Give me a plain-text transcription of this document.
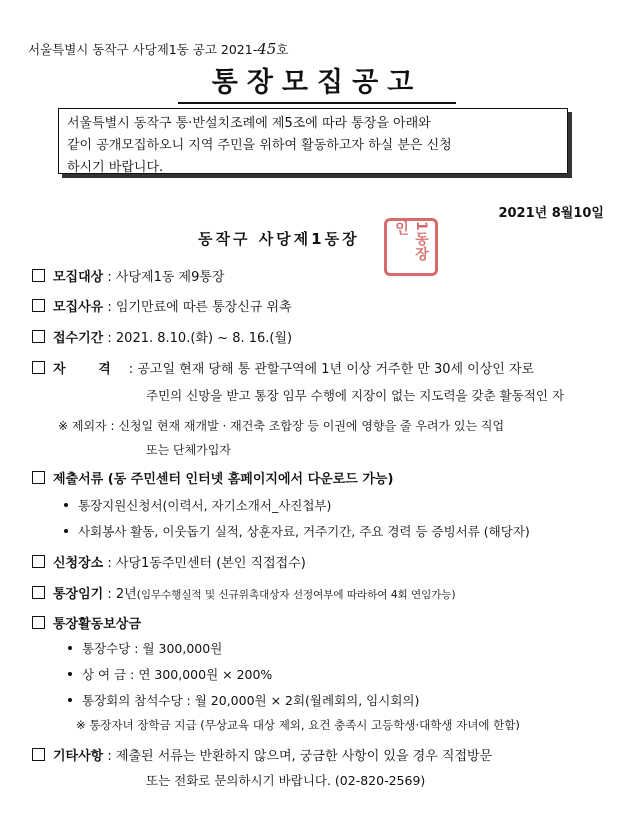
서울특별시 동작구 사당제1동 공고 2021-45호
통장모집공고
서울특별시 동작구 통·반설치조례에 제5조에 따라 통장을 아래와
같이 공개모집하오니 지역 주민을 위하여 활동하고자 하실 분은 신청
하시기 바랍니다.
2021년 8월10일
동작구 사당제1동장	1동장인
모집대상 : 사당제1동 제9통장
모집사유 : 임기만료에 따른 통장신규 위촉
접수기간 : 2021. 8.10.(화) ~ 8. 16.(월)
자 격 : 공고일 현재 당해 통 관할구역에 1년 이상 거주한 만 30세 이상인 자로
주민의 신망을 받고 통장 임무 수행에 지장이 없는 지도력을 갖춘 활동적인 자
※ 제외자 : 신청일 현재 재개발 · 재건축 조합장 등 이권에 영향을 줄 우려가 있는 직업
또는 단체가입자
제출서류 (동 주민센터 인터넷 홈페이지에서 다운로드 가능)
통장지원신청서(이력서, 자기소개서_사진첩부)
사회봉사 활동, 이웃돕기 실적, 상훈자료, 거주기간, 주요 경력 등 증빙서류 (해당자)
신청장소 : 사당1동주민센터 (본인 직접접수)
통장임기 : 2년(임무수행실적 및 신규위촉대상자 선정여부에 따라하여 4회 연임가능)
통장활동보상금
통장수당 : 월 300,000원
상 여 금 : 연 300,000원 × 200%
통장회의 참석수당 : 월 20,000원 × 2회(월례회의, 임시회의)
※ 통장자녀 장학금 지급 (무상교육 대상 제외, 요건 충족시 고등학생·대학생 자녀에 한함)
기타사항 : 제출된 서류는 반환하지 않으며, 궁금한 사항이 있을 경우 직접방문
또는 전화로 문의하시기 바랍니다. (02-820-2569)
